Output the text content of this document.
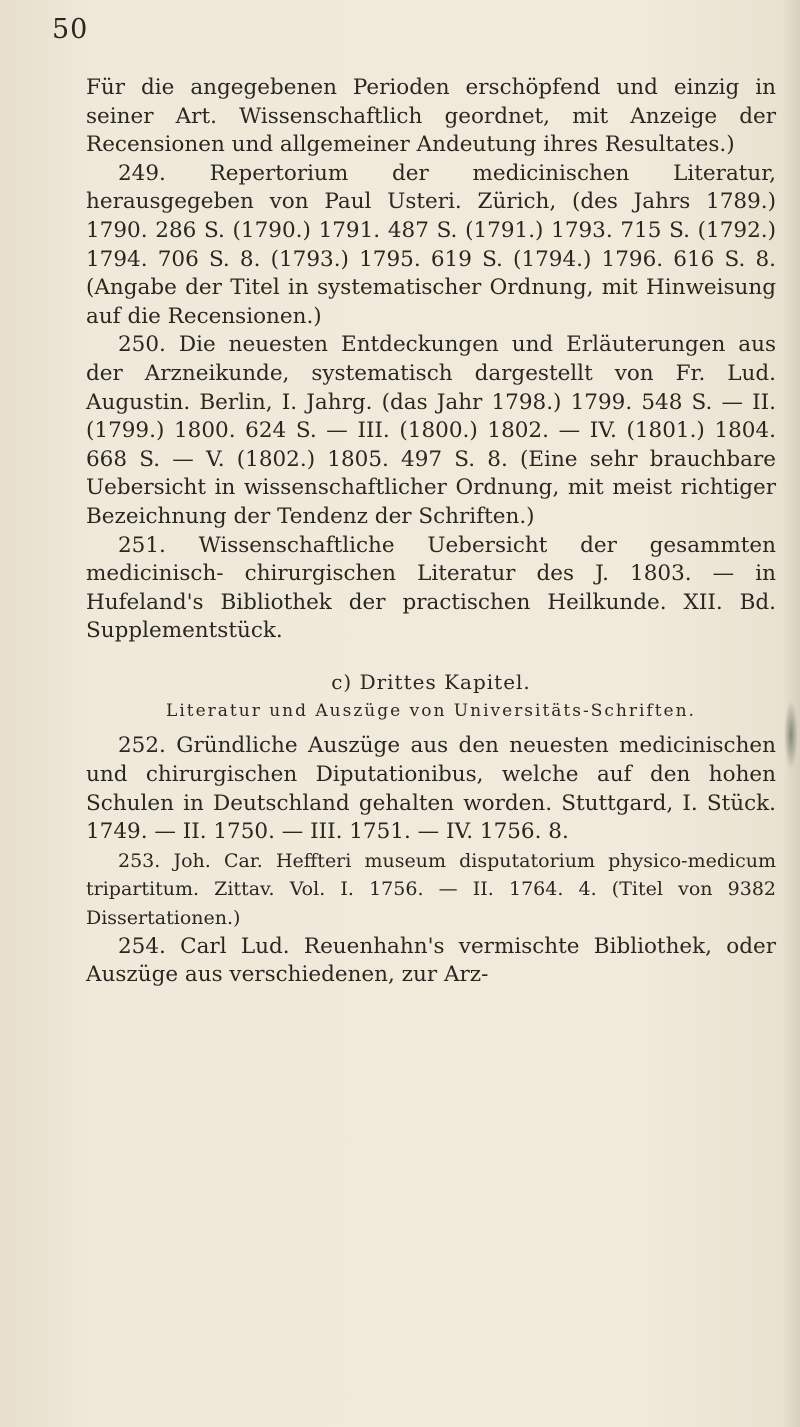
50

Für die angegebenen Perioden erschöpfend und einzig in seiner Art. Wissenschaftlich geordnet, mit Anzeige der Recensionen und allgemeiner Andeutung ihres Resultates.)

249. Repertorium der medicinischen Literatur, herausgegeben von Paul Usteri. Zürich, (des Jahrs 1789.) 1790. 286 S. (1790.) 1791. 487 S. (1791.) 1793. 715 S. (1792.) 1794. 706 S. 8. (1793.) 1795. 619 S. (1794.) 1796. 616 S. 8. (Angabe der Titel in systematischer Ordnung, mit Hinweisung auf die Recensionen.)

250. Die neuesten Entdeckungen und Erläuterungen aus der Arzneikunde, systematisch dargestellt von Fr. Lud. Augustin. Berlin, I. Jahrg. (das Jahr 1798.) 1799. 548 S. — II. (1799.) 1800. 624 S. — III. (1800.) 1802. — IV. (1801.) 1804. 668 S. — V. (1802.) 1805. 497 S. 8. (Eine sehr brauchbare Uebersicht in wissenschaftlicher Ordnung, mit meist richtiger Bezeichnung der Tendenz der Schriften.)

251. Wissenschaftliche Uebersicht der gesammten medicinisch- chirurgischen Literatur des J. 1803. — in Hufeland's Bibliothek der practischen Heilkunde. XII. Bd. Supplementstück.

c) Drittes Kapitel.

Literatur und Auszüge von Universitäts-Schriften.

252. Gründliche Auszüge aus den neuesten medicinischen und chirurgischen Diputationibus, welche auf den hohen Schulen in Deutschland gehalten worden. Stuttgard, I. Stück. 1749. — II. 1750. — III. 1751. — IV. 1756. 8.

253. Joh. Car. Heffteri museum disputatorium physico-medicum tripartitum. Zittav. Vol. I. 1756. — II. 1764. 4. (Titel von 9382 Dissertationen.)

254. Carl Lud. Reuenhahn's vermischte Bibliothek, oder Auszüge aus verschiedenen, zur Arz-
